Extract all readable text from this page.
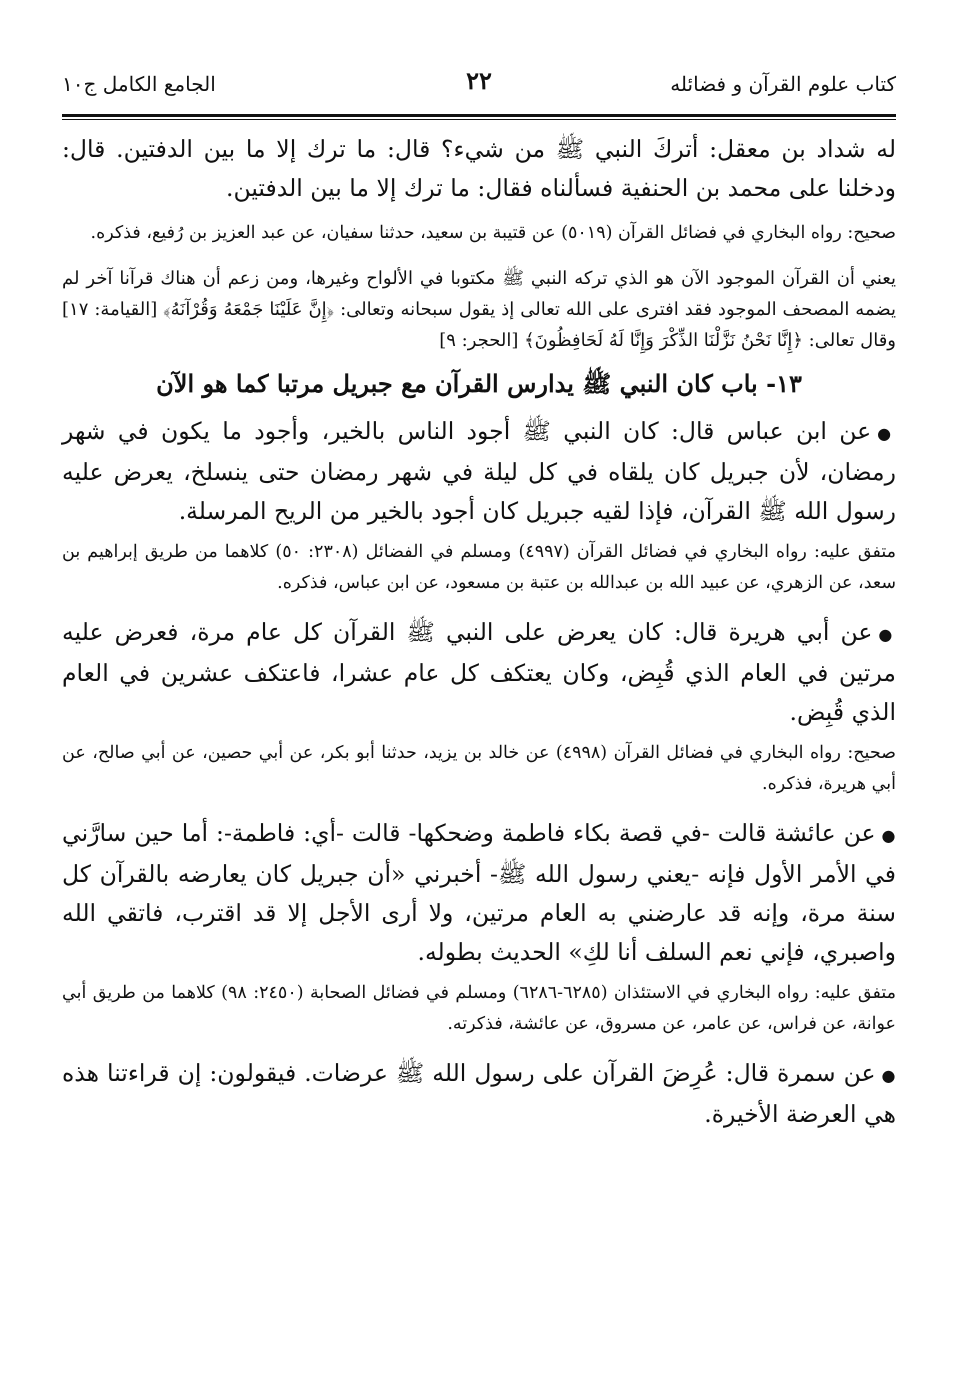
كتاب علوم القرآن و فضائله
٢٢
الجامع الكامل ج١٠

له شداد بن معقل: أتركَ النبي ﷺ من شيء؟ قال: ما ترك إلا ما بين الدفتين. قال: ودخلنا على محمد بن الحنفية فسألناه فقال: ما ترك إلا ما بين الدفتين.

صحيح: رواه البخاري في فضائل القرآن (٥٠١٩) عن قتيبة بن سعيد، حدثنا سفيان، عن عبد العزيز بن رُفيع، فذكره.

يعني أن القرآن الموجود الآن هو الذي تركه النبي ﷺ مكتوبا في الألواح وغيرها، ومن زعم أن هناك قرآنا آخر لم يضمه المصحف الموجود فقد افترى على الله تعالى إذ يقول سبحانه وتعالى: ﴿إِنَّ عَلَيْنَا جَمْعَهُ وَقُرْآنَهُ﴾ [القيامة: ١٧] وقال تعالى: ﴿إِنَّا نَحْنُ نَزَّلْنَا الذِّكْرَ وَإِنَّا لَهُ لَحَافِظُونَ﴾ [الحجر: ٩]

١٣- باب كان النبي ﷺ يدارس القرآن مع جبريل مرتبا كما هو الآن

●عن ابن عباس قال: كان النبي ﷺ أجود الناس بالخير، وأجود ما يكون في شهر رمضان، لأن جبريل كان يلقاه في كل ليلة في شهر رمضان حتى ينسلخ، يعرض عليه رسول الله ﷺ القرآن، فإذا لقيه جبريل كان أجود بالخير من الريح المرسلة.

متفق عليه: رواه البخاري في فضائل القرآن (٤٩٩٧) ومسلم في الفضائل (٢٣٠٨: ٥٠) كلاهما من طريق إبراهيم بن سعد، عن الزهري، عن عبيد الله بن عبدالله بن عتبة بن مسعود، عن ابن عباس، فذكره.

●عن أبي هريرة قال: كان يعرض على النبي ﷺ القرآن كل عام مرة، فعرض عليه مرتين في العام الذي قُبِض، وكان يعتكف كل عام عشرا، فاعتكف عشرين في العام الذي قُبِض.

صحيح: رواه البخاري في فضائل القرآن (٤٩٩٨) عن خالد بن يزيد، حدثنا أبو بكر، عن أبي حصين، عن أبي صالح، عن أبي هريرة، فذكره.

●عن عائشة قالت -في قصة بكاء فاطمة وضحكها- قالت -أي: فاطمة-: أما حين سارَّني في الأمر الأول فإنه -يعني رسول الله ﷺ- أخبرني «أن جبريل كان يعارضه بالقرآن كل سنة مرة، وإنه قد عارضني به العام مرتين، ولا أرى الأجل إلا قد اقترب، فاتقي الله واصبري، فإني نعم السلف أنا لكِ» الحديث بطوله.

متفق عليه: رواه البخاري في الاستئذان (٦٢٨٥-٦٢٨٦) ومسلم في فضائل الصحابة (٢٤٥٠: ٩٨) كلاهما من طريق أبي عوانة، عن فراس، عن عامر، عن مسروق، عن عائشة، فذكرته.

●عن سمرة قال: عُرِضَ القرآن على رسول الله ﷺ عرضات. فيقولون: إن قراءتنا هذه هي العرضة الأخيرة.
